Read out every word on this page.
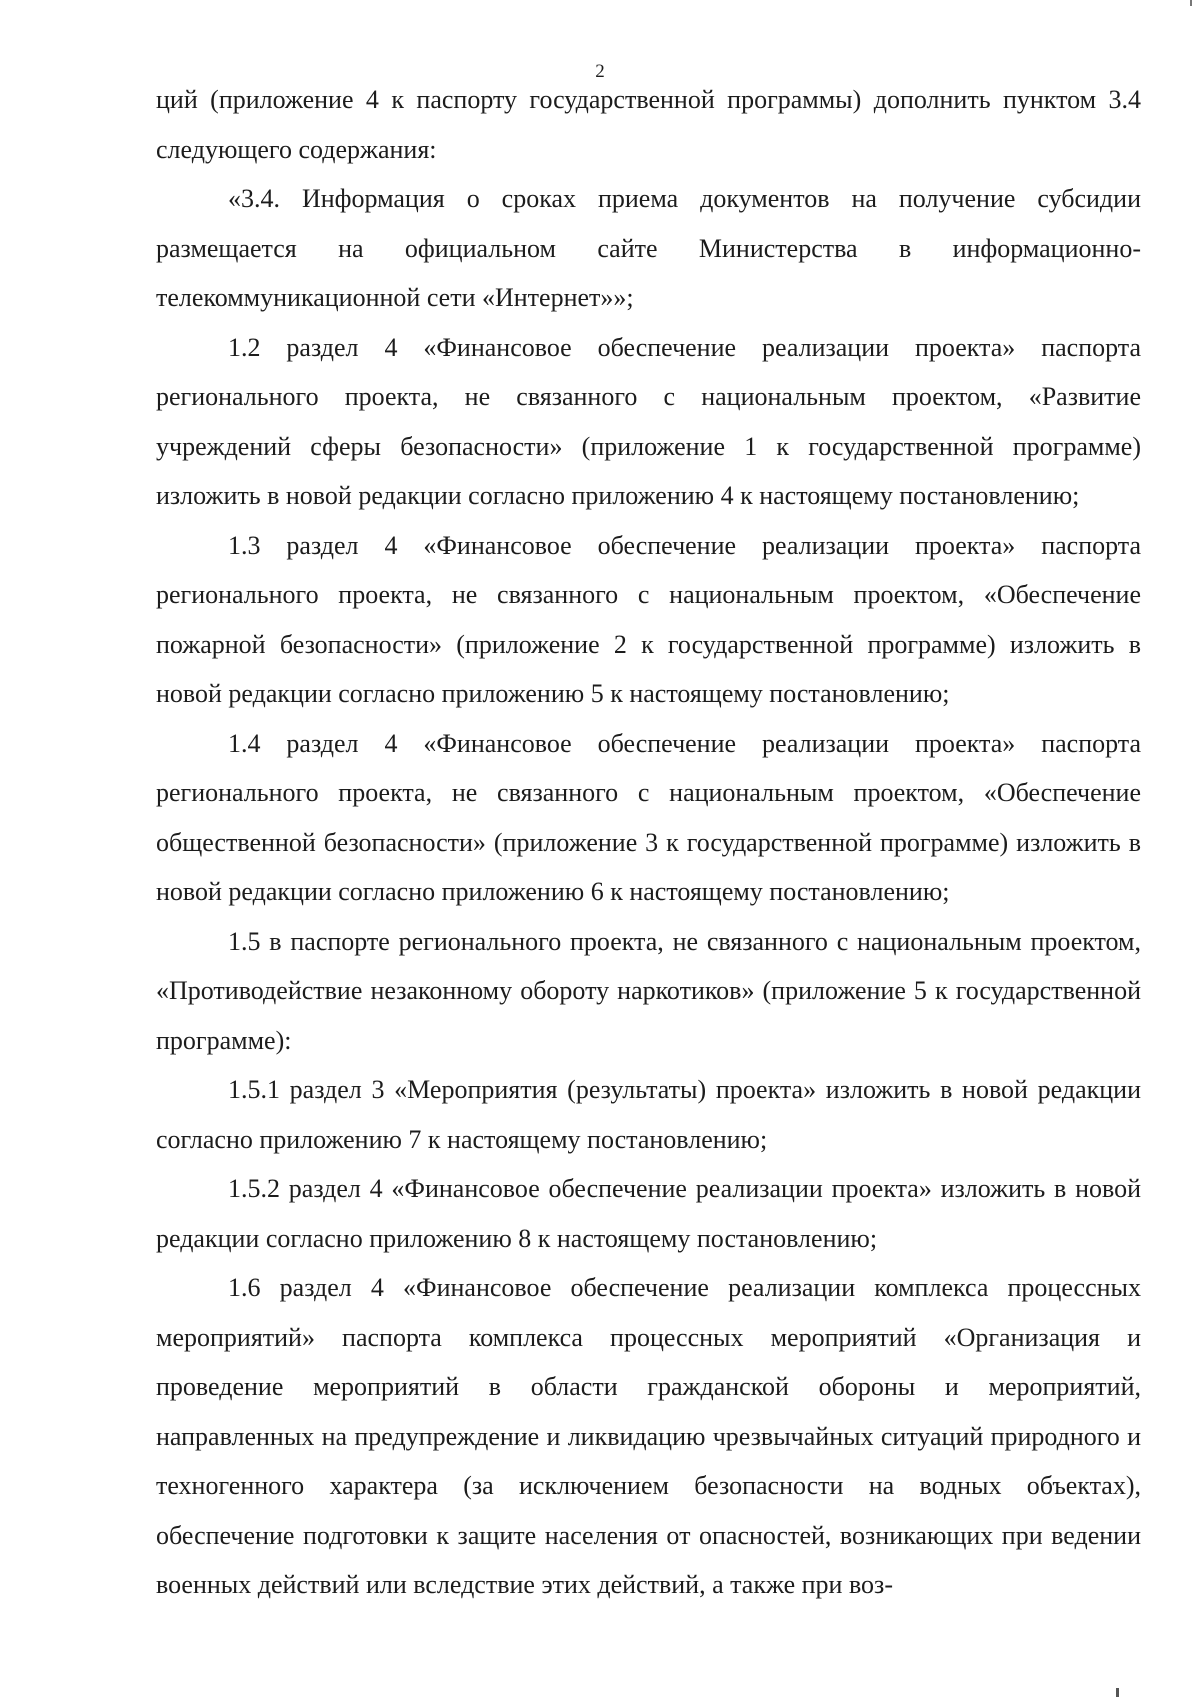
2

ций (приложение 4 к паспорту государственной программы) дополнить пунктом 3.4 следующего содержания:

«3.4. Информация о сроках приема документов на получение субсидии размещается на официальном сайте Министерства в информационно-телекоммуникационной сети «Интернет»»;

1.2 раздел 4 «Финансовое обеспечение реализации проекта» паспорта регионального проекта, не связанного с национальным проектом, «Развитие учреждений сферы безопасности» (приложение 1 к государственной программе) изложить в новой редакции согласно приложению 4 к настоящему постановлению;

1.3 раздел 4 «Финансовое обеспечение реализации проекта» паспорта регионального проекта, не связанного с национальным проектом, «Обеспечение пожарной безопасности» (приложение 2 к государственной программе) изложить в новой редакции согласно приложению 5 к настоящему постановлению;

1.4 раздел 4 «Финансовое обеспечение реализации проекта» паспорта регионального проекта, не связанного с национальным проектом, «Обеспечение общественной безопасности» (приложение 3 к государственной программе) изложить в новой редакции согласно приложению 6 к настоящему постановлению;

1.5 в паспорте регионального проекта, не связанного с национальным проектом, «Противодействие незаконному обороту наркотиков» (приложение 5 к государственной программе):

1.5.1 раздел 3 «Мероприятия (результаты) проекта» изложить в новой редакции согласно приложению 7 к настоящему постановлению;

1.5.2 раздел 4 «Финансовое обеспечение реализации проекта» изложить в новой редакции согласно приложению 8 к настоящему постановлению;

1.6 раздел 4 «Финансовое обеспечение реализации комплекса процессных мероприятий» паспорта комплекса процессных мероприятий «Организация и проведение мероприятий в области гражданской обороны и мероприятий, направленных на предупреждение и ликвидацию чрезвычайных ситуаций природного и техногенного характера (за исключением безопасности на водных объектах), обеспечение подготовки к защите населения от опасностей, возникающих при ведении военных действий или вследствие этих действий, а также при воз-
